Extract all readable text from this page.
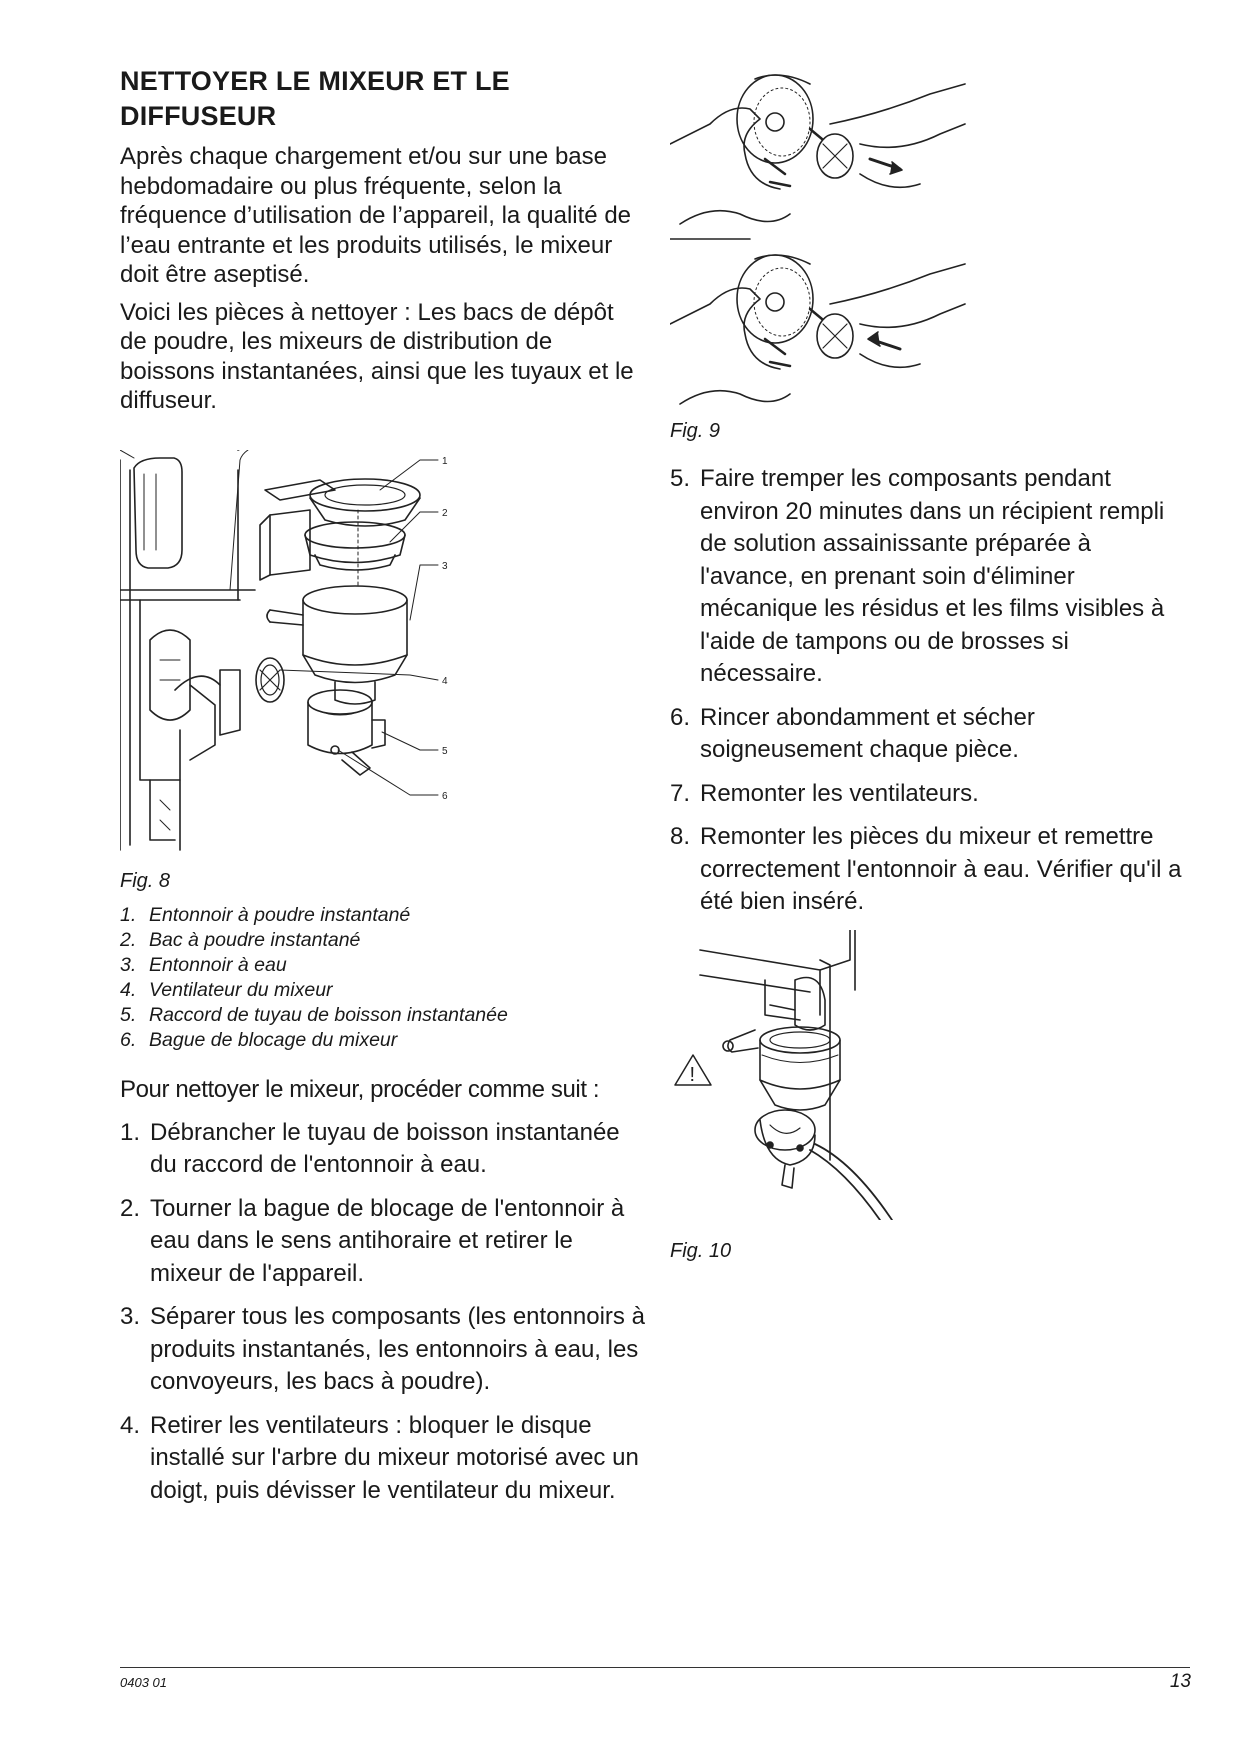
NETTOYER LE MIXEUR ET LE DIFFUSEUR

Après chaque chargement et/ou sur une base hebdomadaire ou plus fréquente, selon la fréquence d’utilisation de l’appareil, la qualité de l’eau entrante et les produits utilisés, le mixeur doit être aseptisé.

Voici les pièces à nettoyer : Les bacs de dépôt de poudre, les mixeurs de distribution de boissons instantanées, ainsi que les tuyaux et le diffuseur.

1
2
3
4
5
6

Fig. 8

1. Entonnoir à poudre instantané
2. Bac à poudre instantané
3. Entonnoir à eau
4. Ventilateur du mixeur
5. Raccord de tuyau de boisson instantanée
6. Bague de blocage du mixeur

Pour nettoyer le mixeur, procéder comme suit :

1. Débrancher le tuyau de boisson instantanée du raccord de l'entonnoir à eau.
2. Tourner la bague de blocage de l'entonnoir à eau dans le sens antihoraire et retirer le mixeur de l'appareil.
3. Séparer tous les composants (les entonnoirs à produits instantanés, les entonnoirs à eau, les convoyeurs, les bacs à poudre).
4. Retirer les ventilateurs : bloquer le disque installé sur l'arbre du mixeur motorisé avec un doigt, puis dévisser le ventilateur du mixeur.

Fig. 9

5. Faire tremper les composants pendant environ 20 minutes dans un récipient rempli de solution assainissante préparée à l'avance, en prenant soin d'éliminer mécanique les résidus et les films visibles à l'aide de tampons ou de brosses si nécessaire.
6. Rincer abondamment et sécher soigneusement chaque pièce.
7. Remonter les ventilateurs.
8. Remonter les pièces du mixeur et remettre correctement l'entonnoir à eau. Vérifier qu'il a été bien inséré.
!

Fig. 10

0403 01	13
